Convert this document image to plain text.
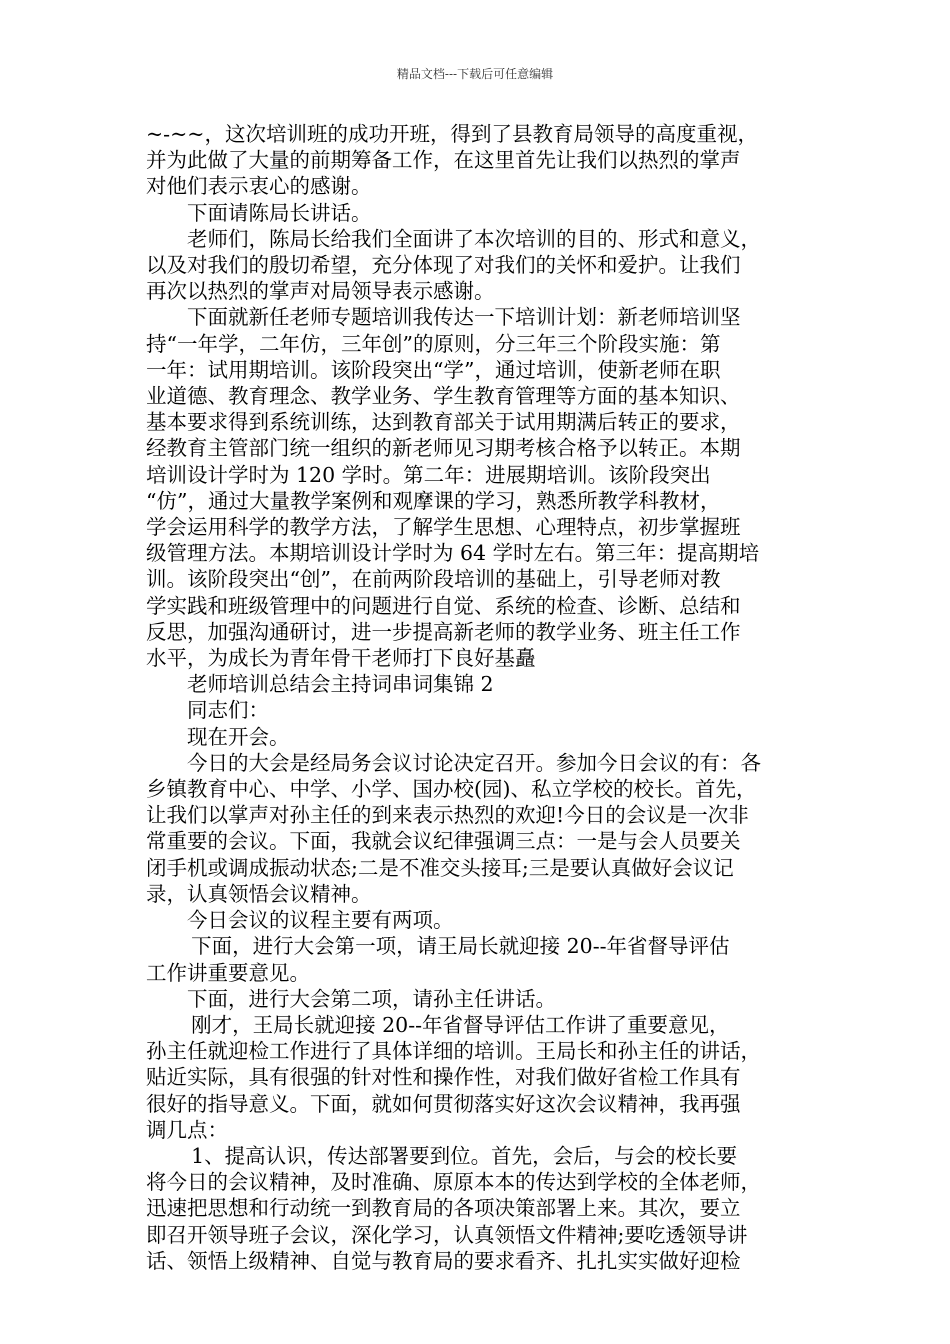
精品文档---下载后可任意编辑

~-~~，这次培训班的成功开班，得到了县教育局领导的高度重视，
并为此做了大量的前期筹备工作，在这里首先让我们以热烈的掌声
对他们表示衷心的感谢。

下面请陈局长讲话。

老师们，陈局长给我们全面讲了本次培训的目的、形式和意义，
以及对我们的殷切希望，充分体现了对我们的关怀和爱护。让我们
再次以热烈的掌声对局领导表示感谢。

下面就新任老师专题培训我传达一下培训计划：新老师培训坚
持“一年学，二年仿，三年创”的原则，分三年三个阶段实施：第
一年：试用期培训。该阶段突出“学”，通过培训，使新老师在职
业道德、教育理念、教学业务、学生教育管理等方面的基本知识、
基本要求得到系统训练，达到教育部关于试用期满后转正的要求，
经教育主管部门统一组织的新老师见习期考核合格予以转正。本期
培训设计学时为 120 学时。第二年：进展期培训。该阶段突出
“仿”，通过大量教学案例和观摩课的学习，熟悉所教学科教材，
学会运用科学的教学方法，了解学生思想、心理特点，初步掌握班
级管理方法。本期培训设计学时为 64 学时左右。第三年：提高期培
训。该阶段突出“创”，在前两阶段培训的基础上，引导老师对教
学实践和班级管理中的问题进行自觉、系统的检查、诊断、总结和
反思，加强沟通研讨，进一步提高新老师的教学业务、班主任工作
水平，为成长为青年骨干老师打下良好基矗

老师培训总结会主持词串词集锦 2

同志们：

现在开会。

今日的大会是经局务会议讨论决定召开。参加今日会议的有：各
乡镇教育中心、中学、小学、国办校(园)、私立学校的校长。首先，
让我们以掌声对孙主任的到来表示热烈的欢迎!今日的会议是一次非
常重要的会议。下面，我就会议纪律强调三点：一是与会人员要关
闭手机或调成振动状态;二是不准交头接耳;三是要认真做好会议记
录，认真领悟会议精神。

今日会议的议程主要有两项。

下面，进行大会第一项，请王局长就迎接 20--年省督导评估
工作讲重要意见。

下面，进行大会第二项，请孙主任讲话。

刚才，王局长就迎接 20--年省督导评估工作讲了重要意见，
孙主任就迎检工作进行了具体详细的培训。王局长和孙主任的讲话，
贴近实际，具有很强的针对性和操作性，对我们做好省检工作具有
很好的指导意义。下面，就如何贯彻落实好这次会议精神，我再强
调几点：

1、提高认识，传达部署要到位。首先，会后，与会的校长要
将今日的会议精神，及时准确、原原本本的传达到学校的全体老师，
迅速把思想和行动统一到教育局的各项决策部署上来。其次，要立
即召开领导班子会议，深化学习，认真领悟文件精神;要吃透领导讲
话、领悟上级精神、自觉与教育局的要求看齐、扎扎实实做好迎检
